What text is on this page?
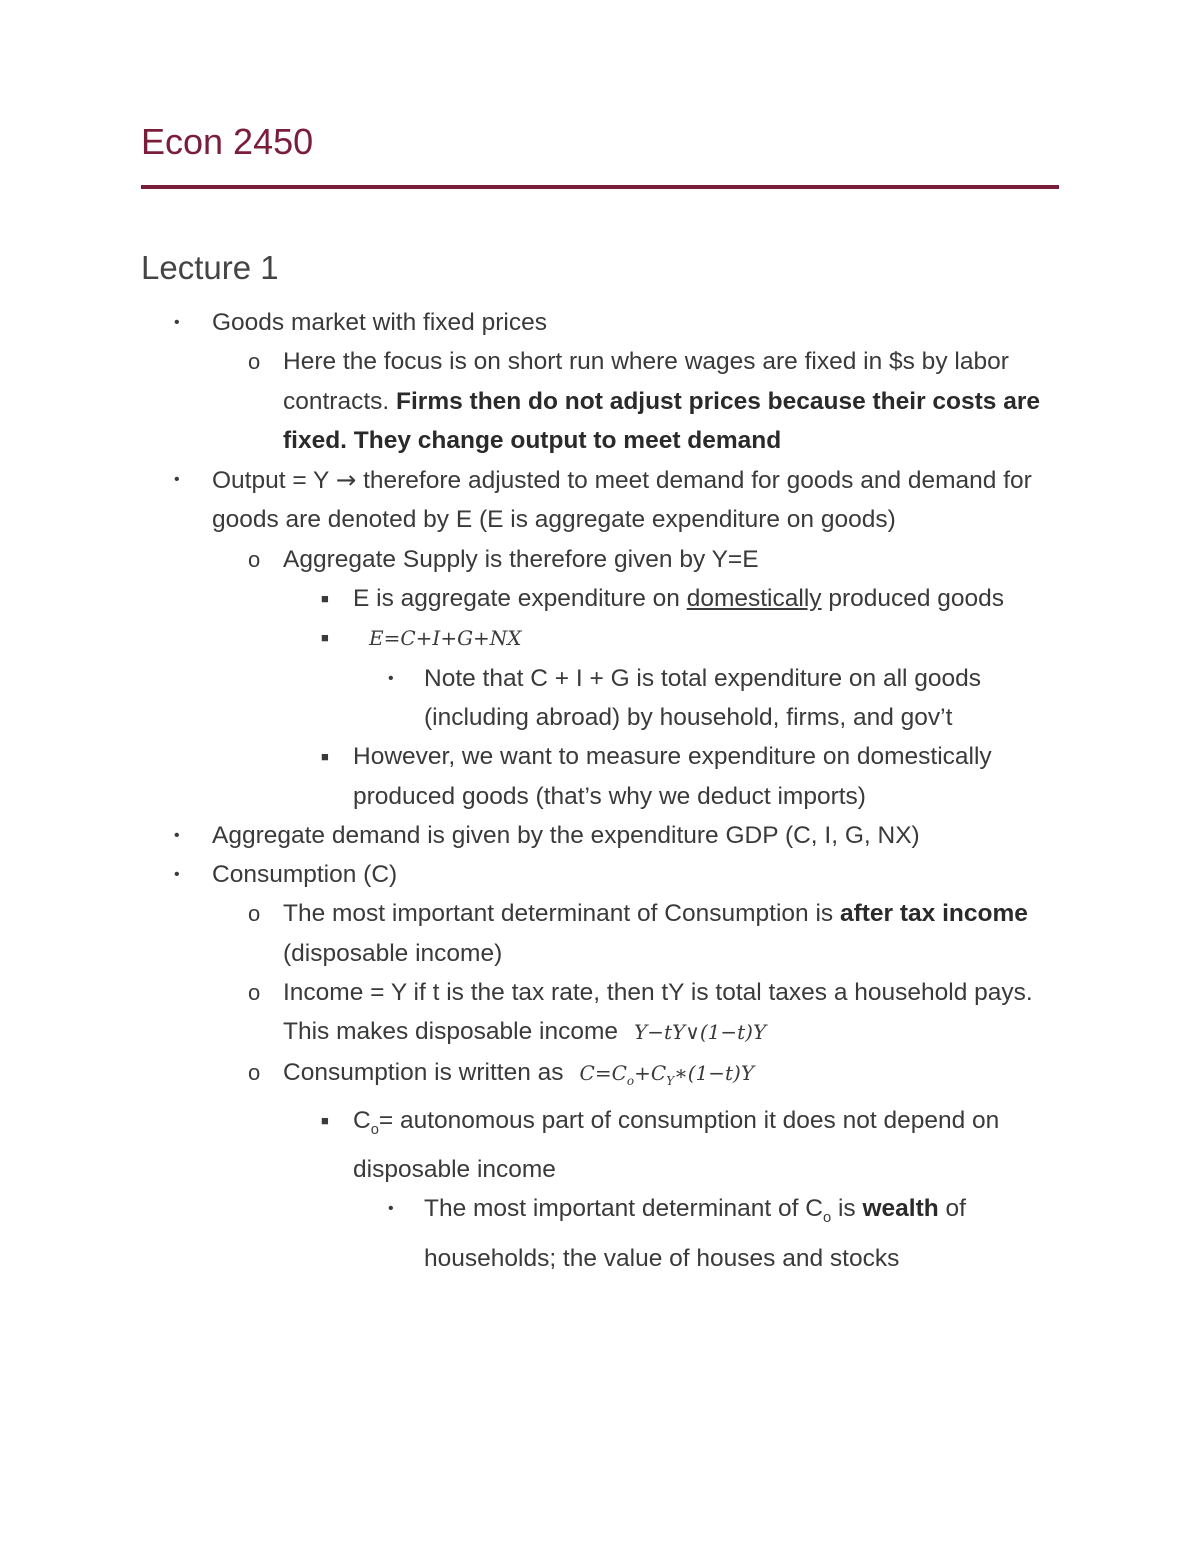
Econ 2450
Lecture 1
• Goods market with fixed prices
o Here the focus is on short run where wages are fixed in $s by labor contracts. Firms then do not adjust prices because their costs are fixed. They change output to meet demand
• Output = Y → therefore adjusted to meet demand for goods and demand for goods are denoted by E (E is aggregate expenditure on goods)
o Aggregate Supply is therefore given by Y=E
■ E is aggregate expenditure on domestically produced goods
■ E=C+I+G+NX
• Note that C + I + G is total expenditure on all goods (including abroad) by household, firms, and gov’t
■ However, we want to measure expenditure on domestically produced goods (that’s why we deduct imports)
• Aggregate demand is given by the expenditure GDP (C, I, G, NX)
• Consumption (C)
o The most important determinant of Consumption is after tax income (disposable income)
o Income = Y if t is the tax rate, then tY is total taxes a household pays. This makes disposable income Y−tY∨(1−t)Y
o Consumption is written as $C=C_o+C_Y∗(1-t)Y$
■ $C_o=$ autonomous part of consumption it does not depend on disposable income
• The most important determinant of $C_o$ is wealth of households; the value of houses and stocks
